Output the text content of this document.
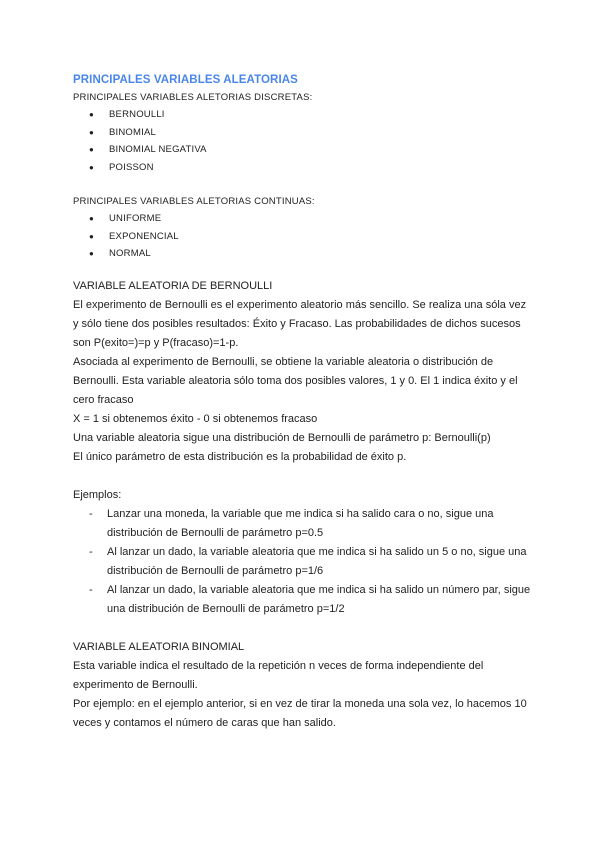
PRINCIPALES VARIABLES ALEATORIAS
PRINCIPALES VARIABLES ALETORIAS DISCRETAS:
● BERNOULLI
● BINOMIAL
● BINOMIAL NEGATIVA
● POISSON
PRINCIPALES VARIABLES ALETORIAS CONTINUAS:
● UNIFORME
● EXPONENCIAL
● NORMAL
VARIABLE ALEATORIA DE BERNOULLI
El experimento de Bernoulli es el experimento aleatorio más sencillo. Se realiza una sóla vez y sólo tiene dos posibles resultados: Éxito y Fracaso. Las probabilidades de dichos sucesos son P(exito=)=p y P(fracaso)=1-p.
Asociada al experimento de Bernoulli, se obtiene la variable aleatoria o distribución de Bernoulli. Esta variable aleatoria sólo toma dos posibles valores, 1 y 0. El 1 indica éxito y el cero fracaso
X = 1 si obtenemos éxito - 0 si obtenemos fracaso
Una variable aleatoria sigue una distribución de Bernoulli de parámetro p: Bernoulli(p)
El único parámetro de esta distribución es la probabilidad de éxito p.
Ejemplos:
- Lanzar una moneda, la variable que me indica si ha salido cara o no, sigue una distribución de Bernoulli de parámetro p=0.5
- Al lanzar un dado, la variable aleatoria que me indica si ha salido un 5 o no, sigue una distribución de Bernoulli de parámetro p=1/6
- Al lanzar un dado, la variable aleatoria que me indica si ha salido un número par, sigue una distribución de Bernoulli de parámetro p=1/2
VARIABLE ALEATORIA BINOMIAL
Esta variable indica el resultado de la repetición n veces de forma independiente del experimento de Bernoulli.
Por ejemplo: en el ejemplo anterior, si en vez de tirar la moneda una sola vez, lo hacemos 10 veces y contamos el número de caras que han salido.
